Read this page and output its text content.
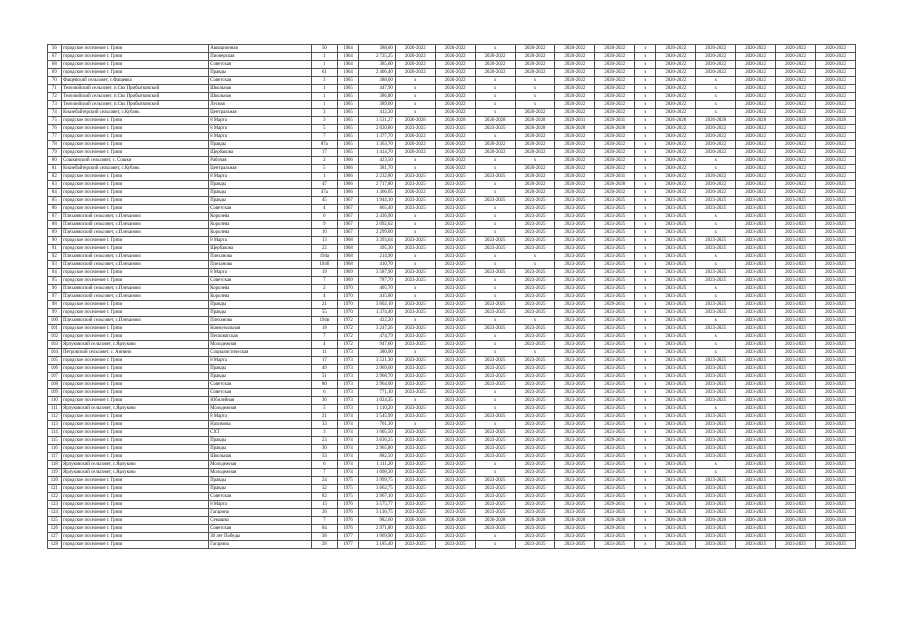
56	городское поселение г. Грязи	Авиационная	50	1964	388,60	2020-2022	2020-2022	х	2020-2022	2020-2022	2020-2022	х	2020-2022	2020-2022	2020-2022	2020-2022	2020-2022
67	городское поселение г. Грязи	Пионерская	1	1964	2 725,25	2020-2022	2020-2022	2020-2022	2020-2022	2020-2022	2020-2022	х	2020-2022	2020-2022	2020-2022	2020-2022	2020-2022
68	городское поселение г. Грязи	Советская	1	1964	385,60	2020-2022	2020-2022	2020-2022	2020-2022	2020-2022	2020-2022	х	2020-2022	2020-2022	2020-2022	2020-2022	2020-2022
69	городское поселение г. Грязи	Правды	61	1964	2 406,40	2020-2022	2020-2022	2020-2022	2020-2022	2020-2022	2020-2022	х	2020-2022	2020-2022	2020-2022	2020-2022	2020-2022
70	Фащевский сельсовет, с.Фащевка	Советская	3	1965	388,60	х	2020-2022	х	х	2020-2022	2020-2022	х	2020-2022	х	2020-2022	2020-2022	2020-2022
71	Телелюйский сельсовет, п.Свх Прибытковский	Школьная	1	1965	447,90	х	2020-2022	х	х	2020-2022	2020-2022	х	2020-2022	х	2020-2022	2020-2022	2020-2022
72	Телелюйский сельсовет, п.Свх Прибытковский	Школьная	1	1965	386,80	х	2020-2022	х	х	2020-2022	2020-2022	х	2020-2022	х	2020-2022	2020-2022	2020-2022
73	Телелюйский сельсовет, п.Свх Прибытковский	Лесная	1	1965	389,00	х	2020-2022	х	х	2020-2022	2020-2022	х	2020-2022	х	2020-2022	2020-2022	2020-2022
74	Кназебайтерский сельсовет, с.Кубань	Центральная	3	1965	412,20	х	2020-2022	х	2020-2022	2020-2022	2020-2022	х	2020-2022	х	2020-2022	2020-2022	2020-2022
75	городское поселение г. Грязи	8 Марта	3	1965	1 531,27	2026-2028	2026-2028	2026-2028	2026-2028	2029-2031	2029-2031	х	2026-2028	2026-2028	2026-2028	2026-2028	2026-2028
76	городское поселение г. Грязи	8 Марта	5	1965	2 020,80	2023-2025	2023-2025	2023-2025	2026-2028	2026-2028	2026-2028	х	2020-2022	2020-2022	2020-2022	2020-2022	2020-2022
77	городское поселение г. Грязи	8 Марта	7	1965	1 377,70	2020-2022	2020-2022	х	2020-2022	2020-2022	2020-2022	х	2020-2022	2020-2022	2020-2022	2020-2022	2020-2022
78	городское поселение г. Грязи	Правды	87а	1965	1 363,70	2020-2022	2020-2022	2020-2022	2020-2022	2020-2022	2020-2022	х	2020-2022	2020-2022	2020-2022	2020-2022	2020-2022
79	городское поселение г. Грязи	Щербакова	17	1965	1 414,70	2020-2022	2020-2022	2020-2022	2020-2022	2020-2022	2020-2022	х	2020-2022	2020-2022	2020-2022	2020-2022	2020-2022
80	Сошкинский сельсовет, с. Сошки	Рабочая	2	1966	423,50	х	2020-2022	х	х	2020-2022	2020-2022	х	2020-2022	х	2020-2022	2020-2022	2020-2022
81	Кназебайтерский сельсовет, с.Кубань	Центральная	5	1966	381,70	х	2020-2022	х	2020-2022	2020-2022	2020-2022	х	2020-2022	х	2020-2022	2020-2022	2020-2022
82	городское поселение г. Грязи	8 Марта	1	1966	2 232,80	2023-2025	2023-2025	2023-2025	2020-2022	2020-2022	2029-2031	х	2020-2022	2020-2022	2020-2022	2020-2022	2020-2022
83	городское поселение г. Грязи	Правды	47	1966	2 717,80	2023-2025	2023-2025	х	2020-2022	2020-2022	2026-2028	х	2020-2022	2020-2022	2020-2022	2020-2022	2020-2025
84	городское поселение г. Грязи	Правды	47а	1966	1 366,05	2020-2022	2020-2022	х	2020-2022	2020-2022	2020-2022	х	2020-2022	2020-2022	2020-2022	2020-2022	2020-2022
85	городское поселение г. Грязи	Правды	45	1967	1 944,10	2023-2025	2023-2025	2023-2025	2023-2025	2023-2025	2023-2025	х	2023-2025	2023-2025	2023-2025	2023-2025	2023-2025
86	городское поселение г. Грязи	Советская	4	1967	865,40	2023-2025	2023-2025	х	2023-2025	2023-2025	2023-2025	х	2023-2025	2023-2025	2023-2025	2023-2025	2023-2025
87	Плеханвоский сельсовет, с.Плеханово	Королева	6	1967	2 436,90	х	2023-2025	х	2023-2025	2023-2025	2023-2025	х	2023-2025	х	2023-2025	2023-2025	2023-2025
88	Плеханвоский сельсовет, с.Плеханово	Королева	9	1967	2 092,62	х	2023-2025	х	2023-2025	2023-2025	2023-2025	х	2023-2025	х	2023-2025	2023-2025	2023-2025
89	Плеханвоский сельсовет, с.Плеханово	Королева	10	1967	2 299,00	х	2023-2025	х	2023-2025	2023-2025	2023-2025	х	2023-2025	х	2023-2025	2023-2025	2023-2025
90	городское поселение г. Грязи	8 Марта	13	1968	3 393,64	2023-2025	2023-2025	2023-2025	2023-2025	2023-2025	2023-2025	х	2023-2025	2023-2025	2023-2025	2023-2025	2023-2025
91	городское поселение г. Грязи	Щербакова	22	1968	395,30	2023-2025	2023-2025	2023-2025	2023-2025	2023-2025	2023-2025	х	2023-2025	2023-2025	2023-2025	2023-2025	2023-2025
92	Плеханвоский сельсовет, с.Плеханово	Плеханова	194а	1968	214,90	х	2023-2025	х	х	2023-2025	2023-2025	х	2023-2025	х	2023-2025	2023-2025	2023-2025
93	Плеханвоский сельсовет, с.Плеханово	Плеханова	194б	1968	410,70	х	2023-2025	х	х	2023-2025	2023-2025	х	2023-2025	х	2023-2025	2023-2025	2023-2025
94	городское поселение г. Грязи	8 Марта	19	1969	3 587,90	2023-2025	2023-2025	2023-2025	2023-2025	2023-2025	2023-2025	х	2023-2025	2023-2025	2023-2025	2023-2025	2023-2025
95	городское поселение г. Грязи	Советская	7	1969	787,70	2023-2025	2023-2025	х	2023-2025	2023-2025	2023-2025	х	2023-2025	2023-2025	2023-2025	2023-2025	2023-2025
96	Плеханвоский сельсовет, с.Плеханово	Королева	2	1970	405,70	х	2023-2025	х	2023-2025	2023-2025	2023-2025	х	2023-2025	х	2023-2025	2023-2025	2023-2025
97	Плеханвоский сельсовет, с.Плеханово	Королева	4	1970	415,00	х	2023-2025	х	2023-2025	2023-2025	2023-2025	х	2023-2025	х	2023-2025	2023-2025	2023-2025
98	городское поселение г. Грязи	Правды	21	1970	3 602,10	2023-2025	2023-2025	2023-2025	2023-2025	2023-2025	2029-2031	х	2023-2025	2023-2025	2023-2025	2023-2025	2023-2025
99	городское поселение г. Грязи	Правды	55	1970	1 374,40	2023-2025	2023-2025	2023-2025	2023-2025	2023-2025	2023-2025	х	2023-2025	2023-2025	2023-2025	2023-2025	2023-2025
100	Плеханвоский сельсовет, с.Плеханово	Плеханова	194в	1972	422,20	х	2023-2025	х	х	2023-2025	2023-2025	х	2023-2025	х	2023-2025	2023-2025	2023-2025
101	городское поселение г. Грязи	Коммунальная	18	1972	3 247,26	2023-2025	2023-2025	2023-2025	2023-2025	2023-2025	2023-2025	х	2023-2025	2023-2025	2023-2025	2023-2025	2023-2025
102	городское поселение г. Грязи	Песковатская	7	1972	474,79	2023-2025	2023-2025	х	2023-2025	2023-2025	2023-2025	х	2023-2025	х	2023-2025	2023-2025	2023-2025
103	Ярлуковский сельсовет, с.Ярлуково	Молодежная	4	1972	947,60	2023-2025	2023-2025	х	2023-2025	2023-2025	2023-2025	х	2023-2025	х	2023-2025	2023-2025	2023-2025
104	Петровский сельсовет, с. Аннино	Социалистическая	11	1973	380,90	х	2023-2025	х	х	2023-2025	2023-2025	х	2023-2025	х	2023-2025	2023-2025	2023-2025
105	городское поселение г. Грязи	8 Марта	17	1973	3 521,30	2023-2025	2023-2025	2023-2025	2023-2025	2023-2025	2023-2025	х	2023-2025	2023-2025	2023-2025	2023-2025	2023-2025
106	городское поселение г. Грязи	Правды	49	1973	2 969,60	2023-2025	2023-2025	2023-2025	2023-2025	2023-2025	2023-2025	х	2023-2025	2023-2025	2023-2025	2023-2025	2023-2025
107	городское поселение г. Грязи	Правды	51	1973	2 968,70	2023-2025	2023-2025	2023-2025	2023-2025	2023-2025	2023-2025	х	2023-2025	2023-2025	2023-2025	2023-2025	2023-2025
108	городское поселение г. Грязи	Советская	80	1973	2 964,00	2023-2025	2023-2025	2023-2025	2023-2025	2023-2025	2023-2025	х	2023-2025	2023-2025	2023-2025	2023-2025	2023-2025
109	городское поселение г. Грязи	Советская	6	1973	771,10	2023-2025	2023-2025	х	2023-2025	2023-2025	2023-2025	х	2023-2025	2023-2025	2023-2025	2023-2025	2023-2025
110	городское поселение г. Грязи	Юбилейная	36	1973	1 024,35	х	2023-2025	х	2023-2025	2023-2025	2023-2025	х	2023-2025	2023-2025	2023-2025	2023-2025	2023-2025
111	Ярлуковский сельсовет, с.Ярлуково	Молодежная	5	1973	1 110,20	2023-2025	2023-2025	х	2023-2025	2023-2025	2023-2025	х	2023-2025	х	2023-2025	2023-2025	2023-2025
112	городское поселение г. Грязи	8 Марта	21	1974	3 545,99	2023-2025	2023-2025	2023-2025	2023-2025	2023-2025	2023-2025	х	2023-2025	2023-2025	2023-2025	2023-2025	2023-2025
113	городское поселение г. Грязи	Нахимова	33	1974	761,30	х	2023-2025	х	2023-2025	2023-2025	2023-2025	х	2023-2025	2023-2025	2023-2025	2023-2025	2023-2025
114	городское поселение г. Грязи	СХТ	3	1974	1 005,50	2023-2025	2023-2025	2023-2025	2023-2025	2023-2025	2023-2025	х	2023-2025	2023-2025	2023-2025	2023-2025	2023-2025
115	городское поселение г. Грязи	Правды	23	1974	3 636,25	2023-2025	2023-2025	2023-2025	2023-2025	2023-2025	2029-2031	х	2023-2025	2023-2025	2023-2025	2023-2025	2023-2025
116	городское поселение г. Грязи	Правды	30	1974	2 965,80	2023-2025	2023-2025	2023-2025	2023-2025	2023-2025	2023-2025	х	2023-2025	2023-2025	2023-2025	2023-2025	2023-2025
117	городское поселение г. Грязи	Школьная	33	1974	882,50	2023-2025	2023-2025	2023-2025	2023-2025	2023-2025	2023-2025	х	2023-2025	2023-2025	2023-2025	2023-2025	2023-2025
118	Ярлуковский сельсовет, с.Ярлуково	Молодежная	6	1974	1 111,20	2023-2025	2023-2025	х	2023-2025	2023-2025	2023-2025	х	2023-2025	х	2023-2025	2023-2025	2023-2025
119	Ярлуковский сельсовет, с.Ярлуково	Молодежная	7	1974	1 098,30	2023-2025	2023-2025	х	2023-2025	2023-2025	2023-2025	х	2023-2025	х	2023-2025	2023-2025	2023-2025
120	городское поселение г. Грязи	Правды	24	1975	3 999,75	2023-2025	2023-2025	2023-2025	2023-2025	2023-2025	2023-2025	х	2023-2025	2023-2025	2023-2025	2023-2025	2023-2025
121	городское поселение г. Грязи	Правды	32	1975	3 662,75	2023-2025	2023-2025	2023-2025	2023-2025	2023-2025	2023-2025	х	2023-2025	2023-2025	2023-2025	2023-2025	2023-2025
122	городское поселение г. Грязи	Советская	82	1975	2 967,10	2023-2025	2023-2025	2023-2025	2023-2025	2023-2025	2023-2025	х	2023-2025	2023-2025	2023-2025	2023-2025	2023-2025
123	городское поселение г. Грязи	8 Марта	15	1976	3 575,77	2023-2025	2023-2025	2023-2025	2023-2025	2023-2025	2029-2031	х	2023-2025	2023-2025	2023-2025	2023-2025	2023-2025
124	городское поселение г. Грязи	Гагарина	26	1976	3 136,75	2023-2025	2023-2025	2023-2025	2023-2025	2023-2025	2023-2025	х	2023-2025	2023-2025	2023-2025	2023-2025	2023-2025
125	городское поселение г. Грязи	Семашко	7	1976	982,60	2026-2028	2026-2028	2026-2028	2026-2028	2026-2028	2026-2028	х	2026-2028	2026-2028	2026-2028	2026-2028	2026-2028
126	городское поселение г. Грязи	Советская	84	1976	2 971,80	2023-2025	2023-2025	2023-2025	2023-2025	2023-2025	2029-2031	х	2023-2025	2023-2025	2023-2025	2023-2025	2023-2025
127	городское поселение г. Грязи	30 лет Победы	38	1977	1 969,90	2023-2025	2023-2025	х	2023-2025	2023-2025	2023-2025	х	2023-2025	2023-2025	2023-2025	2023-2025	2023-2025
128	городское поселение г. Грязи	Гагарина	28	1977	3 185,40	2023-2025	2023-2025	х	2023-2025	2023-2025	2023-2025	х	2023-2025	2023-2025	2023-2025	2023-2025	2023-2025
